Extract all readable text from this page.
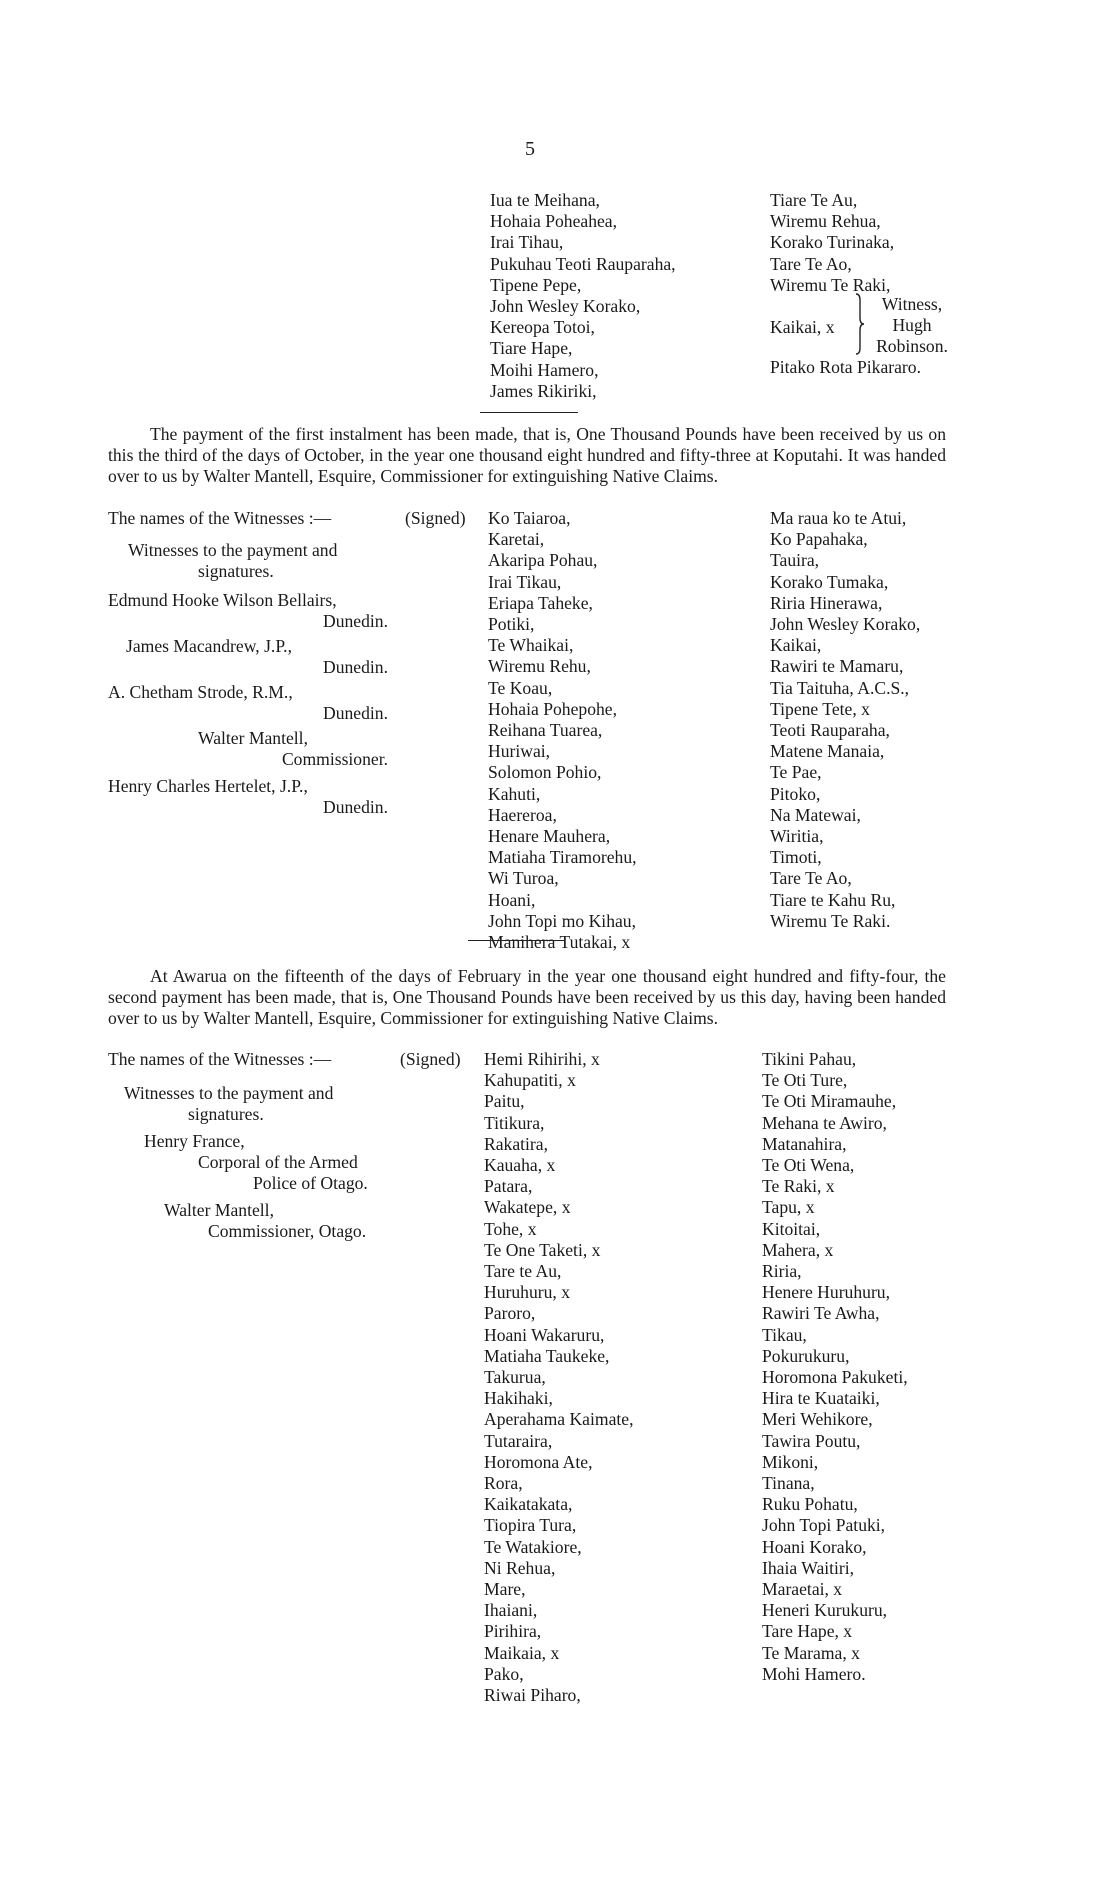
5
Iua te Meihana,
Hohaia Poheahea,
Irai Tihau,
Pukuhau Teoti Rauparaha,
Tipene Pepe,
John Wesley Korako,
Kereopa Totoi,
Tiare Hape,
Moihi Hamero,
James Rikiriki,
Tiare Te Au,
Wiremu Rehua,
Korako Turinaka,
Tare Te Ao,
Wiremu Te Raki,
Kaikai, x
Witness,
Hugh
Robinson.
Pitako Rota Pikararo.
The payment of the first instalment has been made, that is, One Thousand Pounds have been received by us on this the third of the days of October, in the year one thousand eight hundred and fifty-three at Koputahi. It was handed over to us by Walter Mantell, Esquire, Commissioner for extinguishing Native Claims.
The names of the Witnesses :—	(Signed)
Witnesses to the payment and
signatures.
Edmund Hooke Wilson Bellairs,
Dunedin.
James Macandrew, J.P.,
Dunedin.
A. Chetham Strode, R.M.,
Dunedin.
Walter Mantell,
Commissioner.
Henry Charles Hertelet, J.P.,
Dunedin.
Ko Taiaroa,
Karetai,
Akaripa Pohau,
Irai Tikau,
Eriapa Taheke,
Potiki,
Te Whaikai,
Wiremu Rehu,
Te Koau,
Hohaia Pohepohe,
Reihana Tuarea,
Huriwai,
Solomon Pohio,
Kahuti,
Haereroa,
Henare Mauhera,
Matiaha Tiramorehu,
Wi Turoa,
Hoani,
John Topi mo Kihau,
Manihera Tutakai, x
Ma raua ko te Atui,
Ko Papahaka,
Tauira,
Korako Tumaka,
Riria Hinerawa,
John Wesley Korako,
Kaikai,
Rawiri te Mamaru,
Tia Taituha, A.C.S.,
Tipene Tete, x
Teoti Rauparaha,
Matene Manaia,
Te Pae,
Pitoko,
Na Matewai,
Wiritia,
Timoti,
Tare Te Ao,
Tiare te Kahu Ru,
Wiremu Te Raki.
At Awarua on the fifteenth of the days of February in the year one thousand eight hundred and fifty-four, the second payment has been made, that is, One Thousand Pounds have been received by us this day, having been handed over to us by Walter Mantell, Esquire, Commissioner for extinguishing Native Claims.
The names of the Witnesses :—	(Signed)
Witnesses to the payment and
signatures.
Henry France,
Corporal of the Armed
Police of Otago.
Walter Mantell,
Commissioner, Otago.
Hemi Rihirihi, x
Kahupatiti, x
Paitu,
Titikura,
Rakatira,
Kauaha, x
Patara,
Wakatepe, x
Tohe, x
Te One Taketi, x
Tare te Au,
Huruhuru, x
Paroro,
Hoani Wakaruru,
Matiaha Taukeke,
Takurua,
Hakihaki,
Aperahama Kaimate,
Tutaraira,
Horomona Ate,
Rora,
Kaikatakata,
Tiopira Tura,
Te Watakiore,
Ni Rehua,
Mare,
Ihaiani,
Pirihira,
Maikaia, x
Pako,
Riwai Piharo,
Tikini Pahau,
Te Oti Ture,
Te Oti Miramauhe,
Mehana te Awiro,
Matanahira,
Te Oti Wena,
Te Raki, x
Tapu, x
Kitoitai,
Mahera, x
Riria,
Henere Huruhuru,
Rawiri Te Awha,
Tikau,
Pokurukuru,
Horomona Pakuketi,
Hira te Kuataiki,
Meri Wehikore,
Tawira Poutu,
Mikoni,
Tinana,
Ruku Pohatu,
John Topi Patuki,
Hoani Korako,
Ihaia Waitiri,
Maraetai, x
Heneri Kurukuru,
Tare Hape, x
Te Marama, x
Mohi Hamero.
